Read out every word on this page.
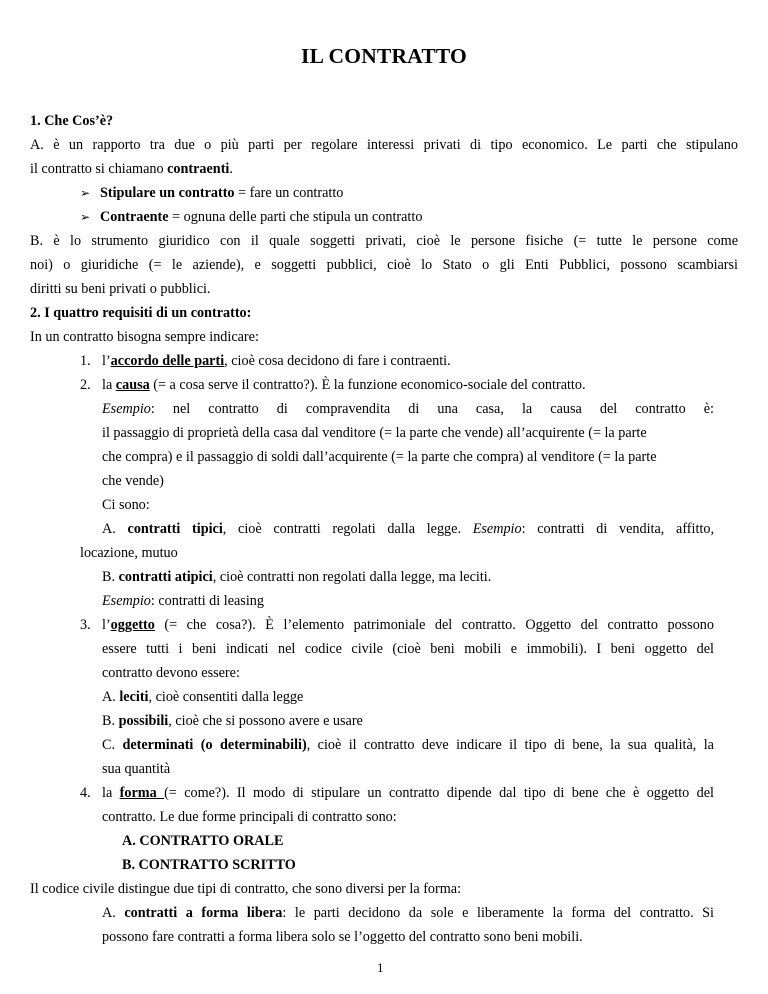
IL CONTRATTO
1. Che Cos’è?
A. è un rapporto tra due o più parti per regolare interessi privati di tipo economico. Le parti che stipulano
il contratto si chiamano contraenti.
➢ Stipulare un contratto = fare un contratto
➢ Contraente = ognuna delle parti che stipula un contratto
B. è lo strumento giuridico con il quale soggetti privati, cioè le persone fisiche (= tutte le persone come
noi) o giuridiche (= le aziende), e soggetti pubblici, cioè lo Stato o gli Enti Pubblici, possono scambiarsi
diritti su beni privati o pubblici.
2. I quattro requisiti di un contratto:
In un contratto bisogna sempre indicare:
1. l’accordo delle parti, cioè cosa decidono di fare i contraenti.
2. la causa (= a cosa serve il contratto?). È la funzione economico-sociale del contratto.
Esempio: nel contratto di compravendita di una casa, la causa del contratto è:
il passaggio di proprietà della casa dal venditore (= la parte che vende) all’acquirente (= la parte
che compra) e il passaggio di soldi dall’acquirente (= la parte che compra) al venditore (= la parte
che vende)
Ci sono:
A. contratti tipici, cioè contratti regolati dalla legge. Esempio: contratti di vendita, affitto,
locazione, mutuo
B. contratti atipici, cioè contratti non regolati dalla legge, ma leciti.
Esempio: contratti di leasing
3. l’oggetto (= che cosa?). È l’elemento patrimoniale del contratto. Oggetto del contratto possono
essere tutti i beni indicati nel codice civile (cioè beni mobili e immobili). I beni oggetto del
contratto devono essere:
A. leciti, cioè consentiti dalla legge
B. possibili, cioè che si possono avere e usare
C. determinati (o determinabili), cioè il contratto deve indicare il tipo di bene, la sua qualità, la
sua quantità
4. la forma (= come?). Il modo di stipulare un contratto dipende dal tipo di bene che è oggetto del
contratto. Le due forme principali di contratto sono:
A. CONTRATTO ORALE
B. CONTRATTO SCRITTO
Il codice civile distingue due tipi di contratto, che sono diversi per la forma:
A. contratti a forma libera: le parti decidono da sole e liberamente la forma del contratto. Si
possono fare contratti a forma libera solo se l’oggetto del contratto sono beni mobili.
1
